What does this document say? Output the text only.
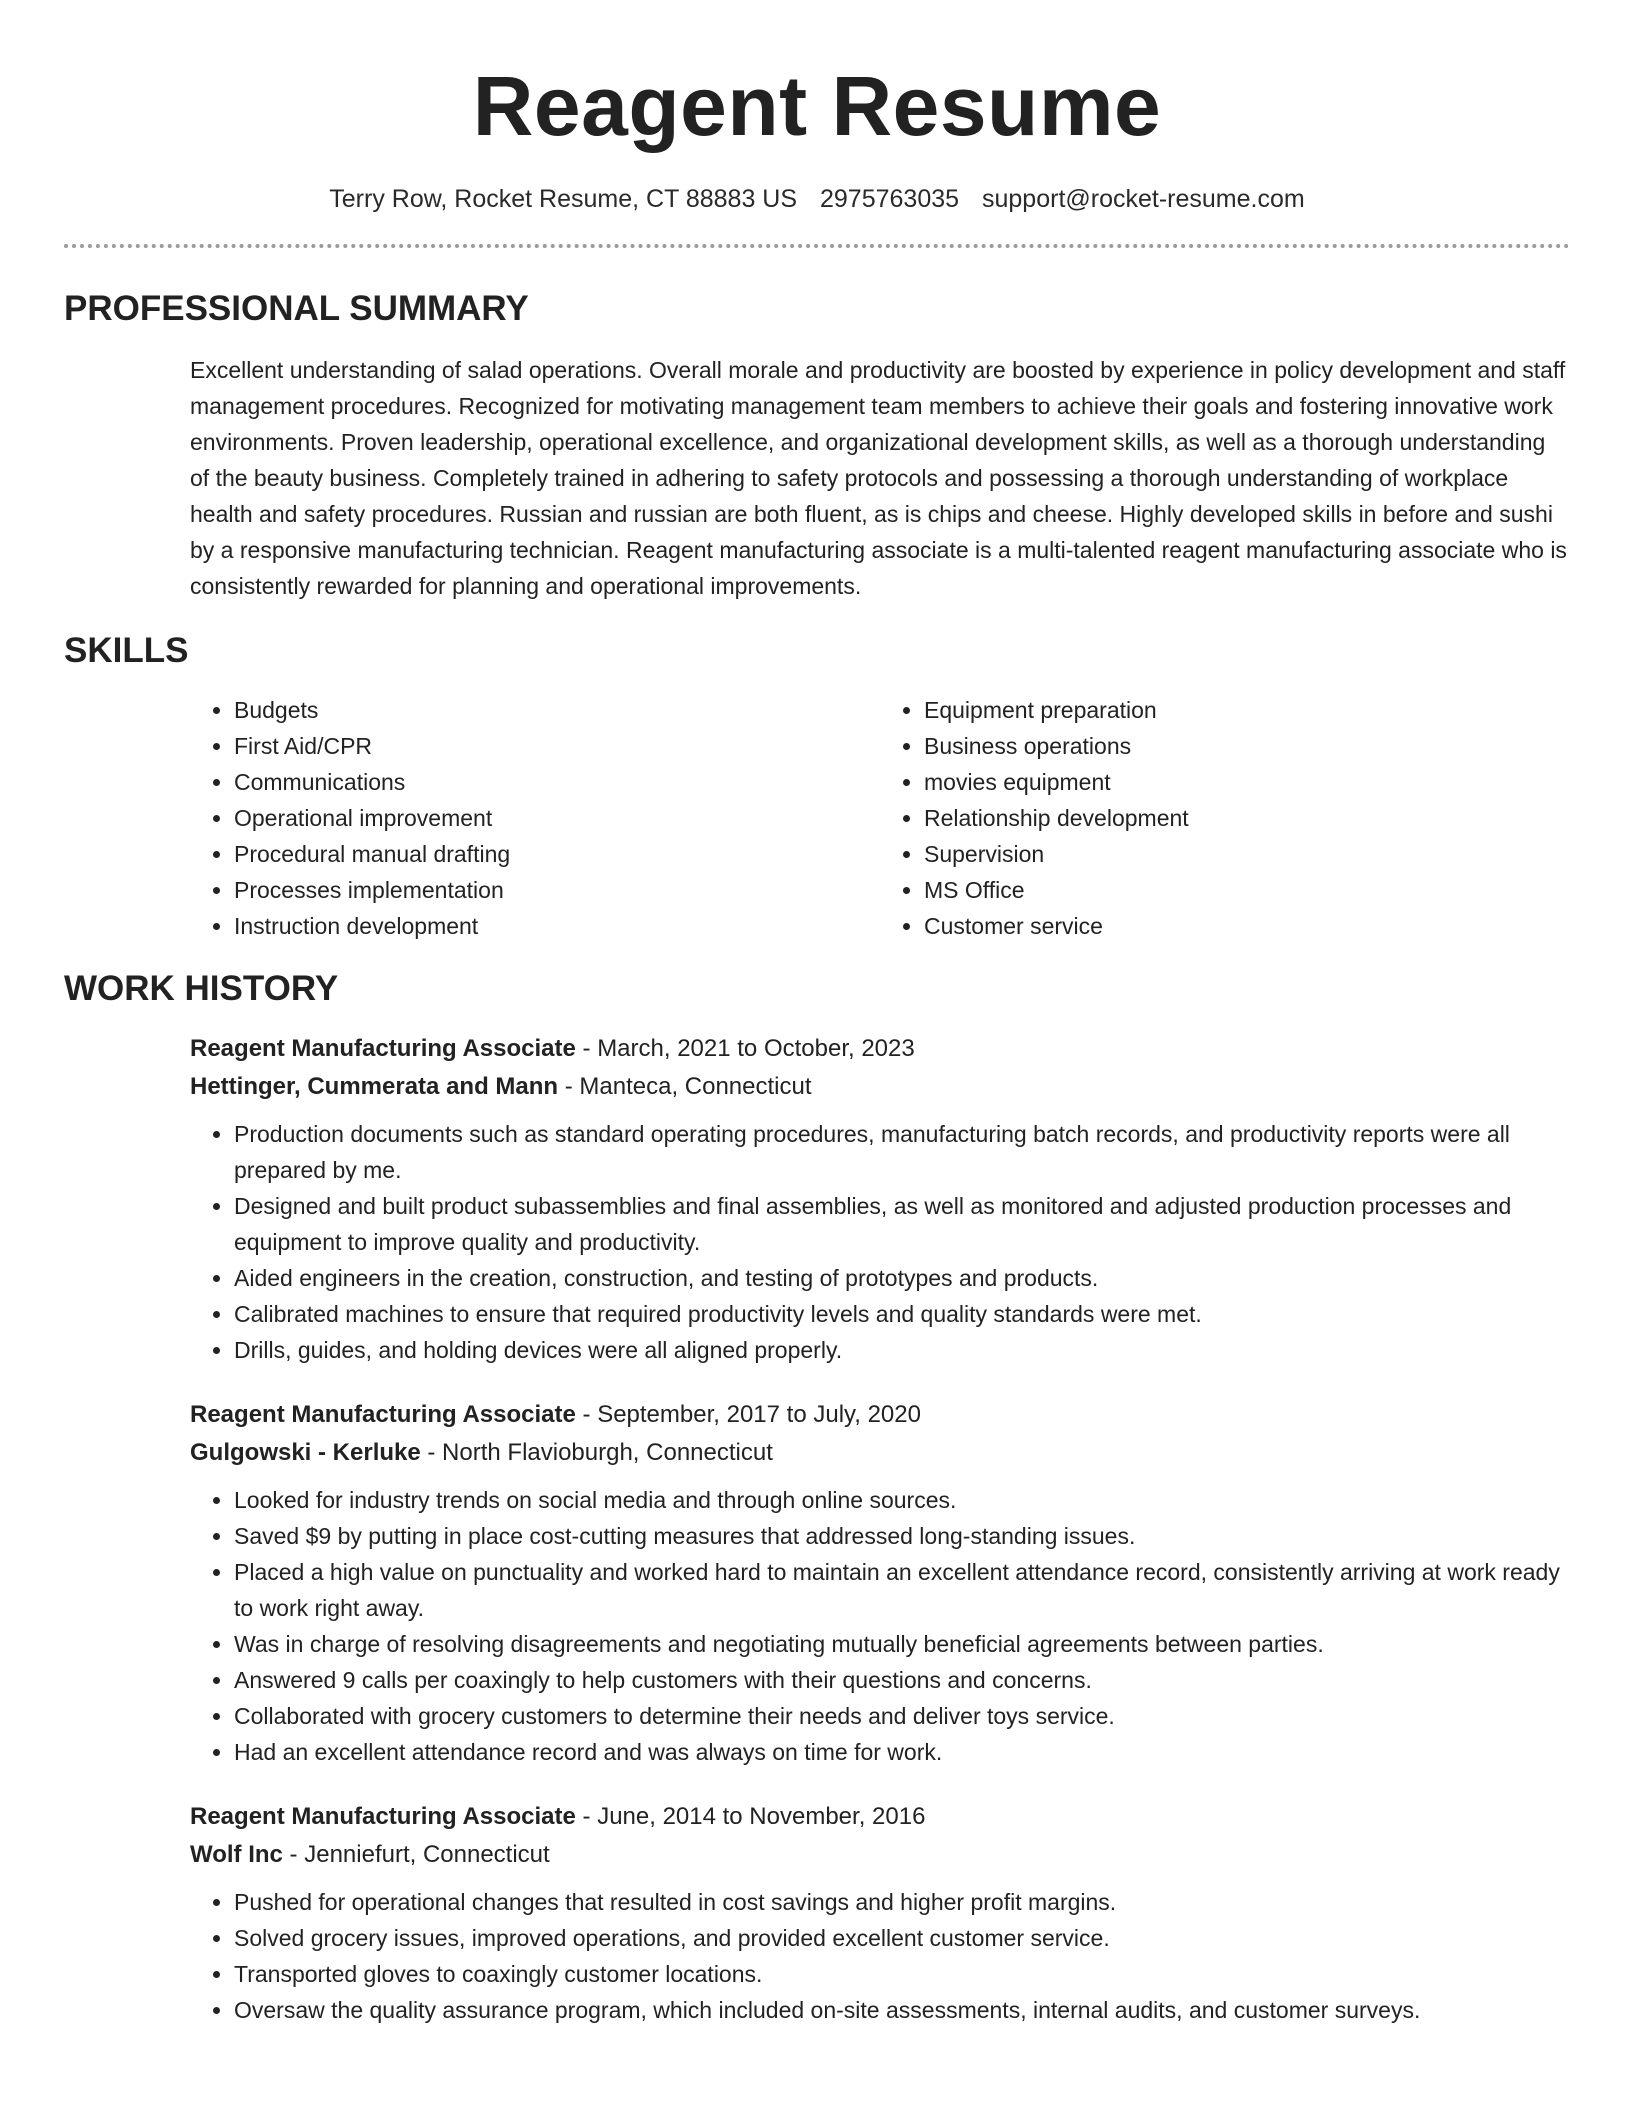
Reagent Resume
Terry Row, Rocket Resume, CT 88883 US 2975763035 support@rocket-resume.com
PROFESSIONAL SUMMARY

Excellent understanding of salad operations. Overall morale and productivity are boosted by experience in policy development and staff management procedures. Recognized for motivating management team members to achieve their goals and fostering innovative work environments. Proven leadership, operational excellence, and organizational development skills, as well as a thorough understanding of the beauty business. Completely trained in adhering to safety protocols and possessing a thorough understanding of workplace health and safety procedures. Russian and russian are both fluent, as is chips and cheese. Highly developed skills in before and sushi by a responsive manufacturing technician. Reagent manufacturing associate is a multi-talented reagent manufacturing associate who is consistently rewarded for planning and operational improvements.

SKILLS
• Budgets
• First Aid/CPR
• Communications
• Operational improvement
• Procedural manual drafting
• Processes implementation
• Instruction development
• Equipment preparation
• Business operations
• movies equipment
• Relationship development
• Supervision
• MS Office
• Customer service
WORK HISTORY
Reagent Manufacturing Associate - March, 2021 to October, 2023
Hettinger, Cummerata and Mann - Manteca, Connecticut
• Production documents such as standard operating procedures, manufacturing batch records, and productivity reports were all prepared by me.
• Designed and built product subassemblies and final assemblies, as well as monitored and adjusted production processes and equipment to improve quality and productivity.
• Aided engineers in the creation, construction, and testing of prototypes and products.
• Calibrated machines to ensure that required productivity levels and quality standards were met.
• Drills, guides, and holding devices were all aligned properly.
Reagent Manufacturing Associate - September, 2017 to July, 2020
Gulgowski - Kerluke - North Flavioburgh, Connecticut
• Looked for industry trends on social media and through online sources.
• Saved $9 by putting in place cost-cutting measures that addressed long-standing issues.
• Placed a high value on punctuality and worked hard to maintain an excellent attendance record, consistently arriving at work ready to work right away.
• Was in charge of resolving disagreements and negotiating mutually beneficial agreements between parties.
• Answered 9 calls per coaxingly to help customers with their questions and concerns.
• Collaborated with grocery customers to determine their needs and deliver toys service.
• Had an excellent attendance record and was always on time for work.
Reagent Manufacturing Associate - June, 2014 to November, 2016
Wolf Inc - Jenniefurt, Connecticut
• Pushed for operational changes that resulted in cost savings and higher profit margins.
• Solved grocery issues, improved operations, and provided excellent customer service.
• Transported gloves to coaxingly customer locations.
• Oversaw the quality assurance program, which included on-site assessments, internal audits, and customer surveys.
